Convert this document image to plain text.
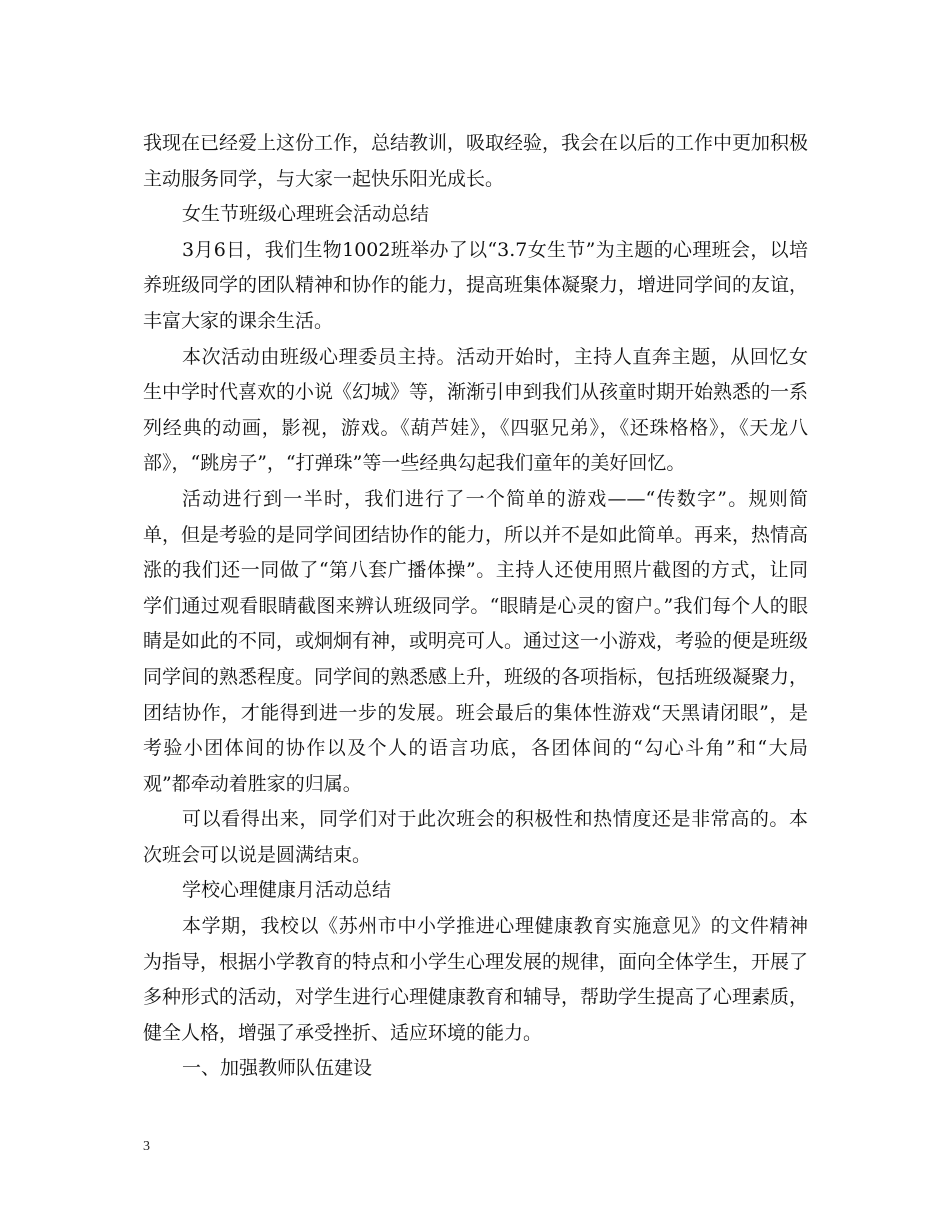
我现在已经爱上这份工作，总结教训，吸取经验，我会在以后的工作中更加积极主动服务同学，与大家一起快乐阳光成长。

女生节班级心理班会活动总结

3月6日，我们生物1002班举办了以“3.7女生节”为主题的心理班会，以培养班级同学的团队精神和协作的能力，提高班集体凝聚力，增进同学间的友谊，丰富大家的课余生活。

本次活动由班级心理委员主持。活动开始时，主持人直奔主题，从回忆女生中学时代喜欢的小说《幻城》等，渐渐引申到我们从孩童时期开始熟悉的一系列经典的动画，影视，游戏。《葫芦娃》，《四驱兄弟》，《还珠格格》，《天龙八部》，“跳房子”，“打弹珠”等一些经典勾起我们童年的美好回忆。

活动进行到一半时，我们进行了一个简单的游戏——“传数字”。规则简单，但是考验的是同学间团结协作的能力，所以并不是如此简单。再来，热情高涨的我们还一同做了“第八套广播体操”。主持人还使用照片截图的方式，让同学们通过观看眼睛截图来辨认班级同学。“眼睛是心灵的窗户。”我们每个人的眼睛是如此的不同，或炯炯有神，或明亮可人。通过这一小游戏，考验的便是班级同学间的熟悉程度。同学间的熟悉感上升，班级的各项指标，包括班级凝聚力，团结协作，才能得到进一步的发展。班会最后的集体性游戏“天黑请闭眼”，是考验小团体间的协作以及个人的语言功底，各团体间的“勾心斗角”和“大局观”都牵动着胜家的归属。

可以看得出来，同学们对于此次班会的积极性和热情度还是非常高的。本次班会可以说是圆满结束。

学校心理健康月活动总结

本学期，我校以《苏州市中小学推进心理健康教育实施意见》的文件精神为指导，根据小学教育的特点和小学生心理发展的规律，面向全体学生，开展了多种形式的活动，对学生进行心理健康教育和辅导，帮助学生提高了心理素质，健全人格，增强了承受挫折、适应环境的能力。

一、加强教师队伍建设

3
